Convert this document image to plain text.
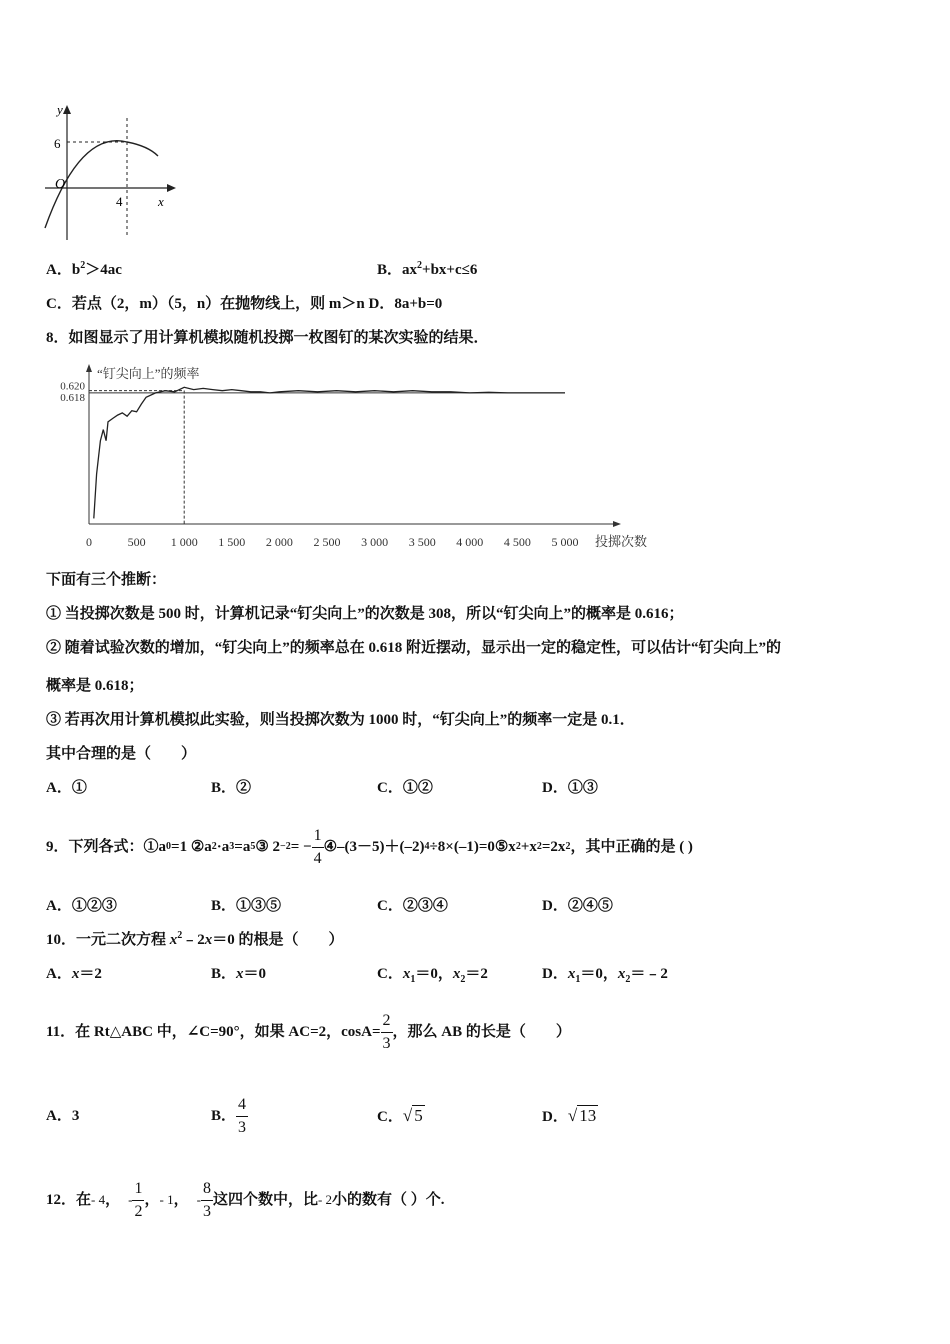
y
x
O
6
4
A．$b^2>4ac$	B．$ax^2+bx+c\le 6$
C．若点（2，m）（5，n）在抛物线上，则 m＞n D．8a+b=0
8．如图显示了用计算机模拟随机投掷一枚图钉的某次实验的结果．
“钉尖向上”的频率
0.620
0.618
0	500 1 000 1 500 2 000 2 500 3 000 3 500 4 000 4 500 5 000 投掷次数
下面有三个推断：
① 当投掷次数是 500 时，计算机记录“钉尖向上”的次数是 308，所以“钉尖向上”的概率是 0.616；
② 随着试验次数的增加，“钉尖向上”的频率总在 0.618 附近摆动，显示出一定的稳定性，可以估计“钉尖向上”的
概率是 0.618；
③ 若再次用计算机模拟此实验，则当投掷次数为 1000 时，“钉尖向上”的频率一定是 0.1．
其中合理的是（　　）
A．①	B．②	C．①②	D．①③
9．下列各式：①a 0 =1 ②a 2 ·a 3 =a 5 ③ 2 −2 = − $\frac{1}{4}$ ④–(3－5)＋(–2) 4 ÷8×(–1)=0⑤x 2 +x 2 =2x 2 ，其中正确的是 ( )
A．①②③	B．①③⑤	C．②③④	D．②④⑤
10．一元二次方程 $x^2﹣2x=0$ 的根是（　　）
A．x＝2	B．x＝0	C．$x_1=0$，$x_2=2$	D．$x_1=0$，$x_2=﹣2$
11．在 Rt△ABC 中，∠C=90°，如果 AC=2，$\cos A= \frac{2}{3}$ ，那么 AB 的长是（　　）
A．3	B． $\frac{4}{3}$	C．√ 5	D．√ 13
12．在 - 4 ， - $\frac{1}{2}$ ， - 1 ， - $\frac{8}{3}$ 这四个数中，比 - 2 小的数有（ ）个.
